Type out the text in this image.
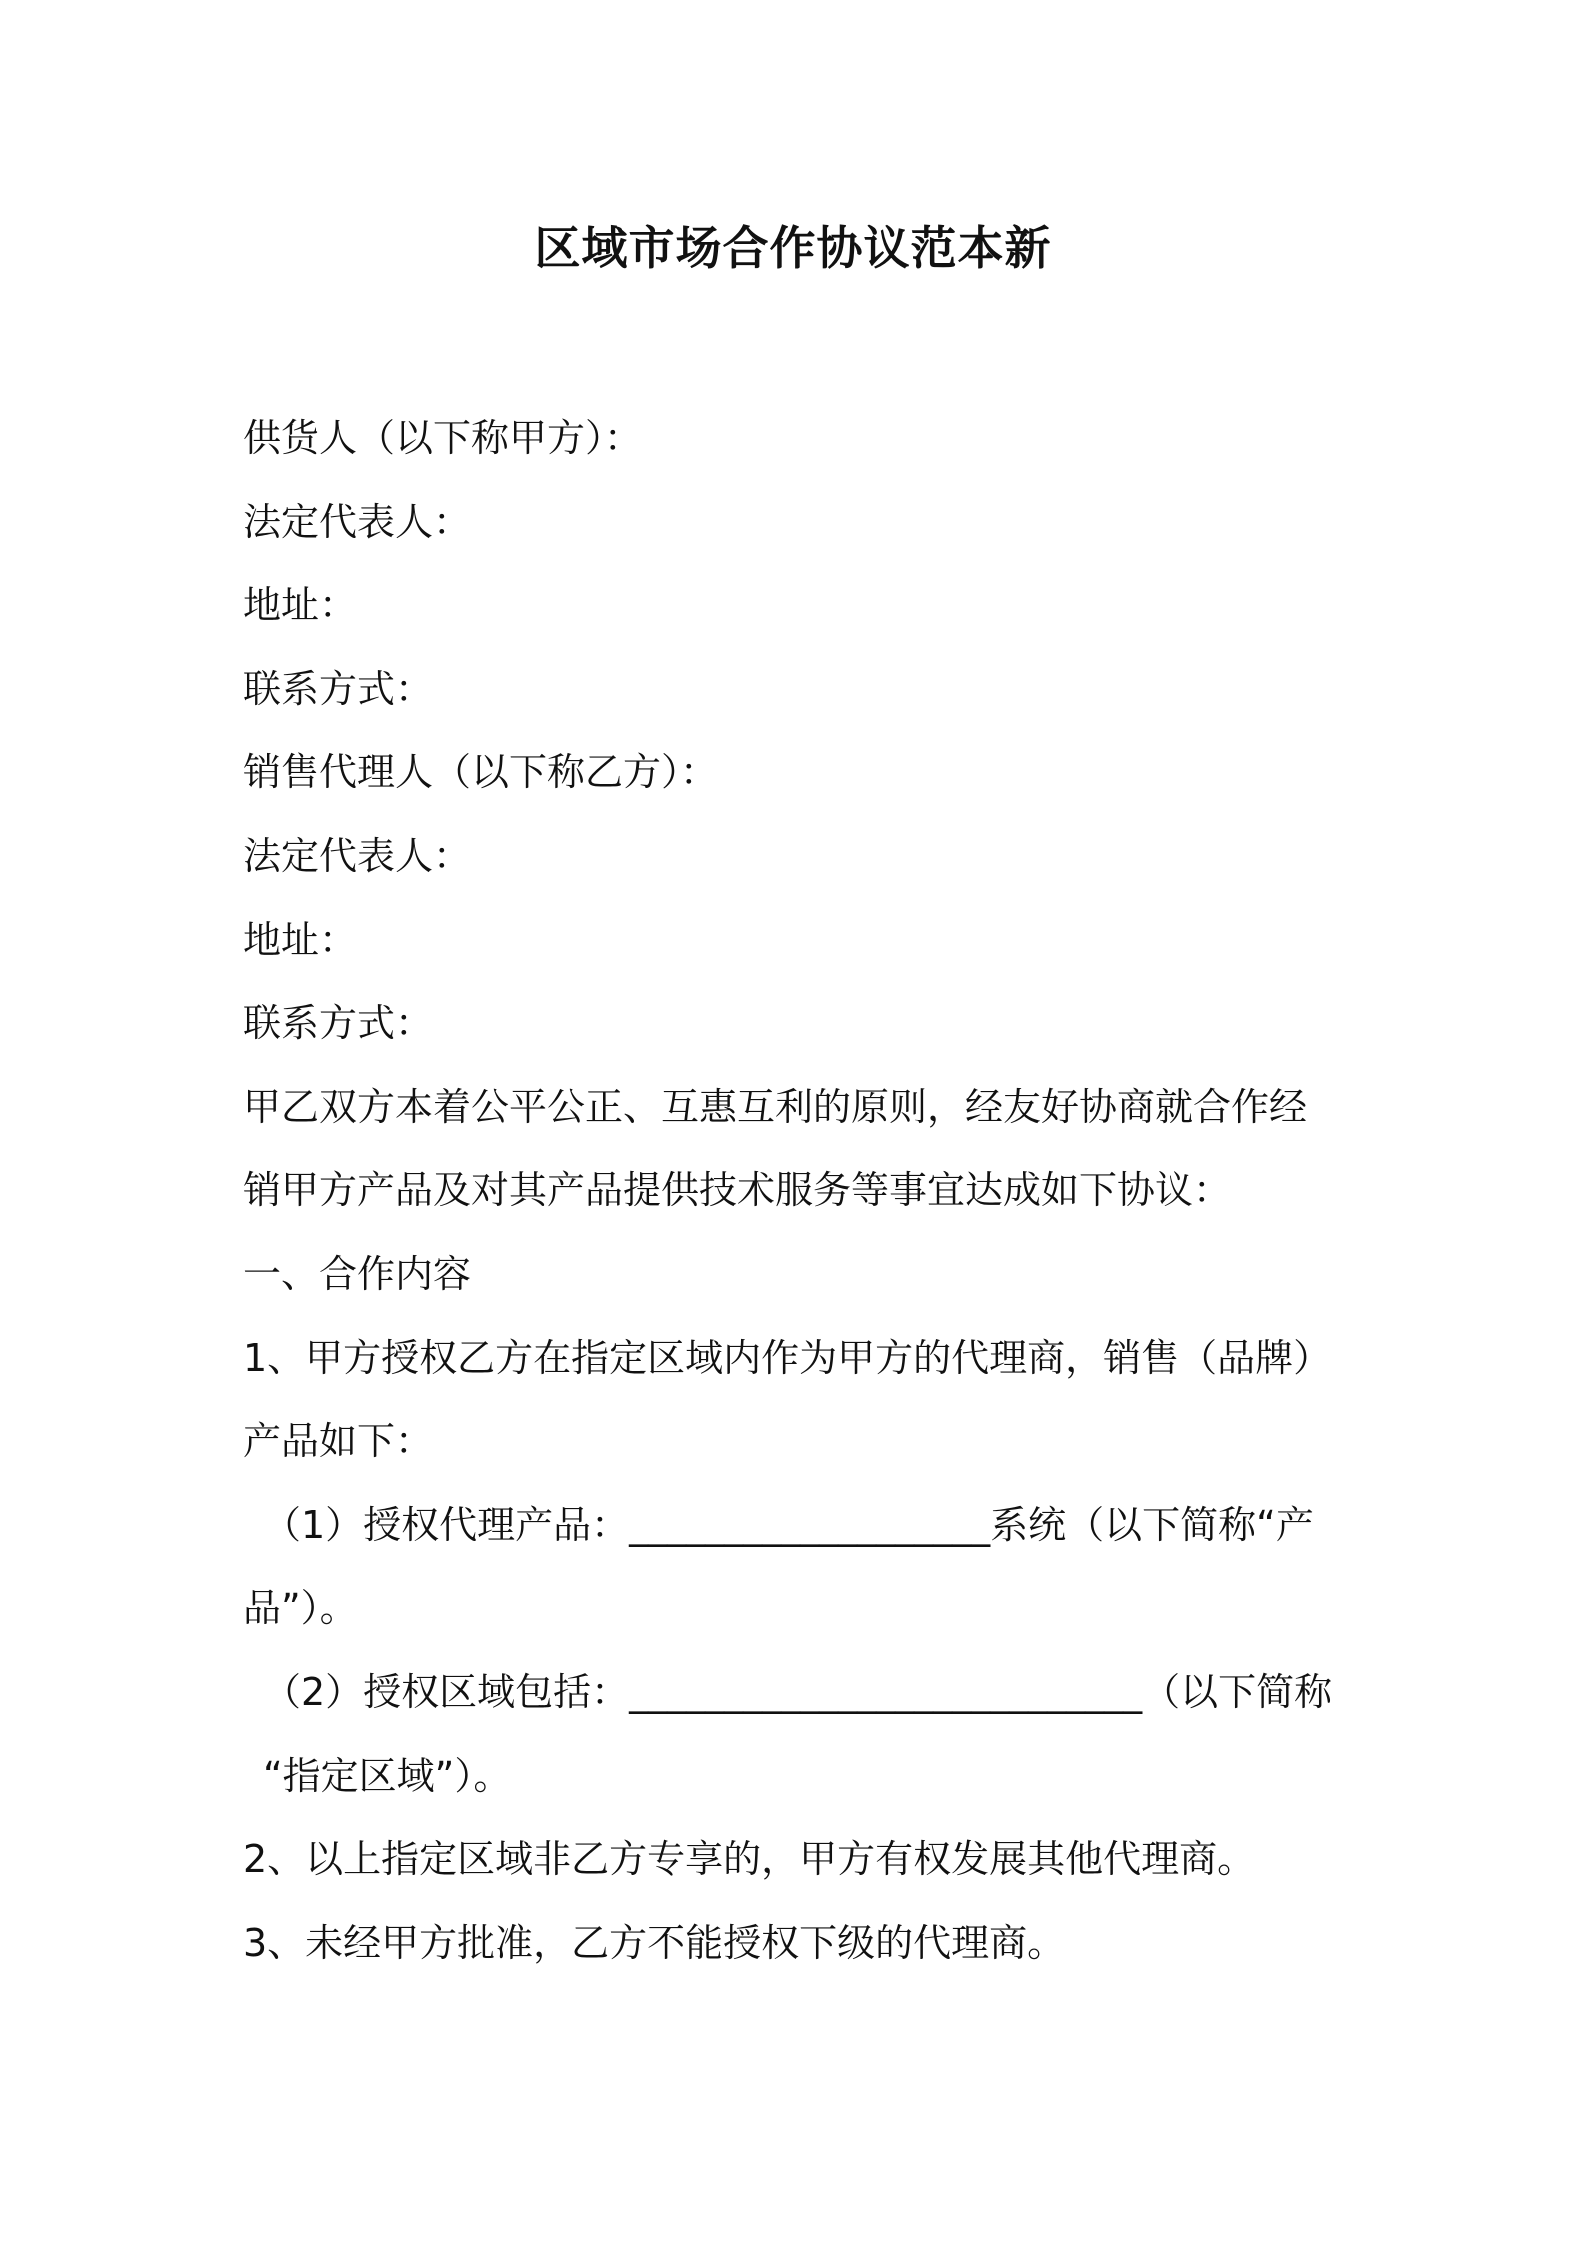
区域市场合作协议范本新
供货人（以下称甲方）：
法定代表人：
地址：
联系方式：
销售代理人（以下称乙方）：
法定代表人：
地址：
联系方式：
甲乙双方本着公平公正、互惠互利的原则，经友好协商就合作经
销甲方产品及对其产品提供技术服务等事宜达成如下协议：
一、合作内容
1、甲方授权乙方在指定区域内作为甲方的代理商，销售（品牌）
产品如下：
（1）授权代理产品：___________________系统（以下简称“产
品”）。
（2）授权区域包括：___________________________（以下简称
“指定区域”）。
2、以上指定区域非乙方专享的，甲方有权发展其他代理商。
3、未经甲方批准，乙方不能授权下级的代理商。
